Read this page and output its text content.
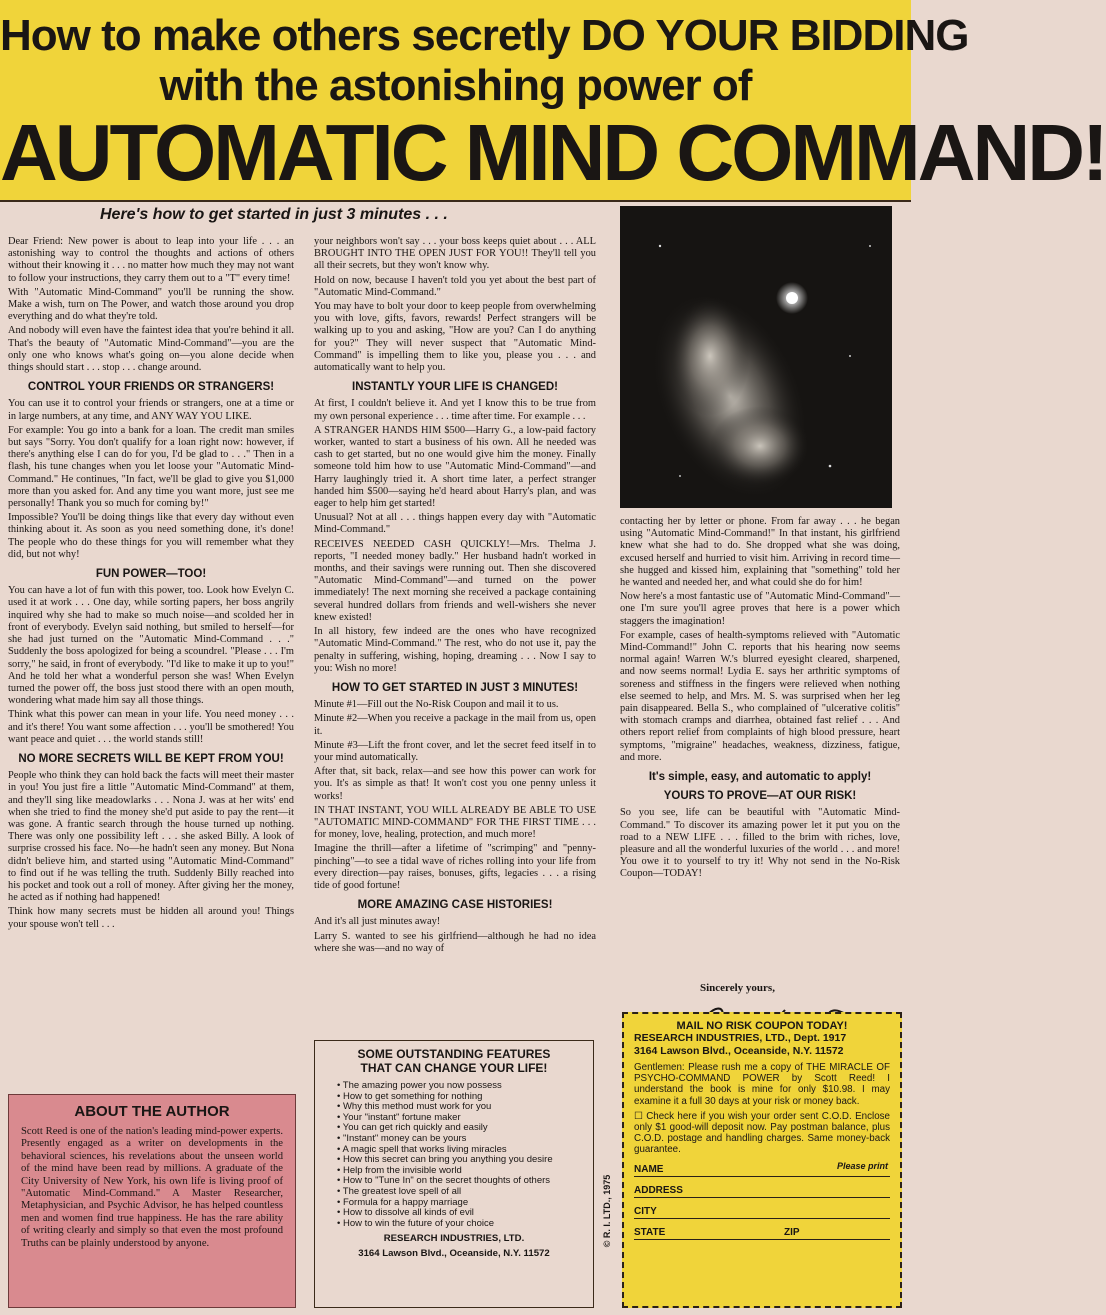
How to make others secretly DO YOUR BIDDING
with the astonishing power of
AUTOMATIC MIND COMMAND!
Here's how to get started in just 3 minutes . . .

Dear Friend: New power is about to leap into your life . . . an astonishing way to control the thoughts and actions of others without their knowing it . . . no matter how much they may not want to follow your instructions, they carry them out to a "T" every time!

With "Automatic Mind-Command" you'll be running the show. Make a wish, turn on The Power, and watch those around you drop everything and do what they're told.

And nobody will even have the faintest idea that you're behind it all. That's the beauty of "Automatic Mind-Command"—you are the only one who knows what's going on—you alone decide when things should start . . . stop . . . change around.

CONTROL YOUR FRIENDS OR STRANGERS!

You can use it to control your friends or strangers, one at a time or in large numbers, at any time, and ANY WAY YOU LIKE.

For example: You go into a bank for a loan. The credit man smiles but says "Sorry. You don't qualify for a loan right now: however, if there's anything else I can do for you, I'd be glad to . . ." Then in a flash, his tune changes when you let loose your "Automatic Mind-Command." He continues, "In fact, we'll be glad to give you $1,000 more than you asked for. And any time you want more, just see me personally! Thank you so much for coming by!"

Impossible? You'll be doing things like that every day without even thinking about it. As soon as you need something done, it's done! The people who do these things for you will remember what they did, but not why!

FUN POWER—TOO!

You can have a lot of fun with this power, too. Look how Evelyn C. used it at work . . . One day, while sorting papers, her boss angrily inquired why she had to make so much noise—and scolded her in front of everybody. Evelyn said nothing, but smiled to herself—for she had just turned on the "Automatic Mind-Command . . ." Suddenly the boss apologized for being a scoundrel. "Please . . . I'm sorry," he said, in front of everybody. "I'd like to make it up to you!" And he told her what a wonderful person she was! When Evelyn turned the power off, the boss just stood there with an open mouth, wondering what made him say all those things.

Think what this power can mean in your life. You need money . . . and it's there! You want some affection . . . you'll be smothered! You want peace and quiet . . . the world stands still!

NO MORE SECRETS WILL BE KEPT FROM YOU!

People who think they can hold back the facts will meet their master in you! You just fire a little "Automatic Mind-Command" at them, and they'll sing like meadowlarks . . . Nona J. was at her wits' end when she tried to find the money she'd put aside to pay the rent—it was gone. A frantic search through the house turned up nothing. There was only one possibility left . . . she asked Billy. A look of surprise crossed his face. No—he hadn't seen any money. But Nona didn't believe him, and started using "Automatic Mind-Command" to find out if he was telling the truth. Suddenly Billy reached into his pocket and took out a roll of money. After giving her the money, he acted as if nothing had happened!

Think how many secrets must be hidden all around you! Things your spouse won't tell . . .

your neighbors won't say . . . your boss keeps quiet about . . . ALL BROUGHT INTO THE OPEN JUST FOR YOU!! They'll tell you all their secrets, but they won't know why.

Hold on now, because I haven't told you yet about the best part of "Automatic Mind-Command."

You may have to bolt your door to keep people from overwhelming you with love, gifts, favors, rewards! Perfect strangers will be walking up to you and asking, "How are you? Can I do anything for you?" They will never suspect that "Automatic Mind-Command" is impelling them to like you, please you . . . and automatically want to help you.

INSTANTLY YOUR LIFE IS CHANGED!

At first, I couldn't believe it. And yet I know this to be true from my own personal experience . . . time after time. For example . . .

A STRANGER HANDS HIM $500—Harry G., a low-paid factory worker, wanted to start a business of his own. All he needed was cash to get started, but no one would give him the money. Finally someone told him how to use "Automatic Mind-Command"—and Harry laughingly tried it. A short time later, a perfect stranger handed him $500—saying he'd heard about Harry's plan, and was eager to help him get started!

Unusual? Not at all . . . things happen every day with "Automatic Mind-Command."

RECEIVES NEEDED CASH QUICKLY!—Mrs. Thelma J. reports, "I needed money badly." Her husband hadn't worked in months, and their savings were running out. Then she discovered "Automatic Mind-Command"—and turned on the power immediately! The next morning she received a package containing several hundred dollars from friends and well-wishers she never knew existed!

In all history, few indeed are the ones who have recognized "Automatic Mind-Command." The rest, who do not use it, pay the penalty in suffering, wishing, hoping, dreaming . . . Now I say to you: Wish no more!

HOW TO GET STARTED IN JUST 3 MINUTES!

Minute #1—Fill out the No-Risk Coupon and mail it to us.

Minute #2—When you receive a package in the mail from us, open it.

Minute #3—Lift the front cover, and let the secret feed itself in to your mind automatically.

After that, sit back, relax—and see how this power can work for you. It's as simple as that! It won't cost you one penny unless it works!

IN THAT INSTANT, YOU WILL ALREADY BE ABLE TO USE "AUTOMATIC MIND-COMMAND" FOR THE FIRST TIME . . . for money, love, healing, protection, and much more!

Imagine the thrill—after a lifetime of "scrimping" and "penny-pinching"—to see a tidal wave of riches rolling into your life from every direction—pay raises, bonuses, gifts, legacies . . . a rising tide of good fortune!

MORE AMAZING CASE HISTORIES!

And it's all just minutes away!

Larry S. wanted to see his girlfriend—although he had no idea where she was—and no way of

contacting her by letter or phone. From far away . . . he began using "Automatic Mind-Command!" In that instant, his girlfriend knew what she had to do. She dropped what she was doing, excused herself and hurried to visit him. Arriving in record time—she hugged and kissed him, explaining that "something" told her he wanted and needed her, and what could she do for him!

Now here's a most fantastic use of "Automatic Mind-Command"—one I'm sure you'll agree proves that here is a power which staggers the imagination!

For example, cases of health-symptoms relieved with "Automatic Mind-Command!" John C. reports that his hearing now seems normal again! Warren W.'s blurred eyesight cleared, sharpened, and now seems normal! Lydia E. says her arthritic symptoms of soreness and stiffness in the fingers were relieved when nothing else seemed to help, and Mrs. M. S. was surprised when her leg pain disappeared. Bella S., who complained of "ulcerative colitis" with stomach cramps and diarrhea, obtained fast relief . . . And others report relief from complaints of high blood pressure, heart symptoms, "migraine" headaches, weakness, dizziness, fatigue, and more.

It's simple, easy, and automatic to apply!
YOURS TO PROVE—AT OUR RISK!

So you see, life can be beautiful with "Automatic Mind-Command." To discover its amazing power let it put you on the road to a NEW LIFE . . . filled to the brim with riches, love, pleasure and all the wonderful luxuries of the world . . . and more! You owe it to yourself to try it! Why not send in the No-Risk Coupon—TODAY!

Sincerely yours,
ABOUT THE AUTHOR
Scott Reed is one of the nation's leading mind-power experts. Presently engaged as a writer on developments in the behavioral sciences, his revelations about the unseen world of the mind have been read by millions. A graduate of the City University of New York, his own life is living proof of "Automatic Mind-Command." A Master Researcher, Metaphysician, and Psychic Advisor, he has helped countless men and women find true happiness. He has the rare ability of writing clearly and simply so that even the most profound Truths can be plainly understood by anyone.
SOME OUTSTANDING FEATURES
THAT CAN CHANGE YOUR LIFE!
• The amazing power you now possess
• How to get something for nothing
• Why this method must work for you
• Your "instant" fortune maker
• You can get rich quickly and easily
• "Instant" money can be yours
• A magic spell that works living miracles
• How this secret can bring you anything you desire
• Help from the invisible world
• How to "Tune In" on the secret thoughts of others
• The greatest love spell of all
• Formula for a happy marriage
• How to dissolve all kinds of evil
• How to win the future of your choice
RESEARCH INDUSTRIES, LTD.
3164 Lawson Blvd., Oceanside, N.Y. 11572
© R. I. LTD., 1975
MAIL NO RISK COUPON TODAY!
RESEARCH INDUSTRIES, LTD., Dept. 1917
3164 Lawson Blvd., Oceanside, N.Y. 11572
Gentlemen: Please rush me a copy of THE MIRACLE OF PSYCHO-COMMAND POWER by Scott Reed! I understand the book is mine for only $10.98. I may examine it a full 30 days at your risk or money back.
☐ Check here if you wish your order sent C.O.D. Enclose only $1 good-will deposit now. Pay postman balance, plus C.O.D. postage and handling charges. Same money-back guarantee.
NAME	Please print
ADDRESS
CITY
STATE	ZIP
